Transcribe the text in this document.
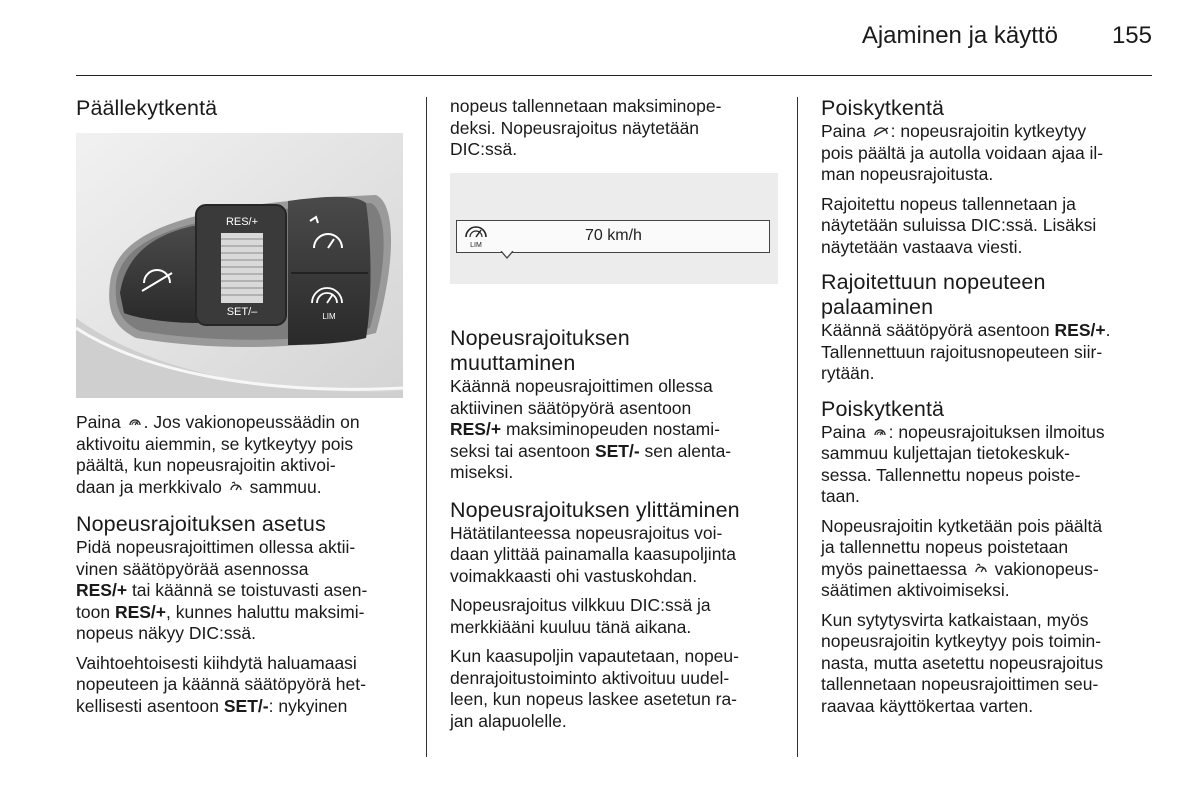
Ajaminen ja käyttö 155
Päällekytkentä
RES/+
SET/–	LIM

Paina . Jos vakionopeussäädin on
aktivoitu aiemmin, se kytkeytyy pois
päältä, kun nopeusrajoitin aktivoi-
daan ja merkkivalo  sammuu.

Nopeusrajoituksen asetus

Pidä nopeusrajoittimen ollessa aktii-
vinen säätöpyörää asennossa
RES/+ tai käännä se toistuvasti asen-
toon RES/+, kunnes haluttu maksimi-
nopeus näkyy DIC:ssä.

Vaihtoehtoisesti kiihdytä haluamaasi
nopeuteen ja käännä säätöpyörä het-
kellisesti asentoon SET/-: nykyinen

nopeus tallennetaan maksiminope-
deksi. Nopeusrajoitus näytetään
DIC:ssä.

LIM
70 km/h
Nopeusrajoituksen
muuttaminen

Käännä nopeusrajoittimen ollessa
aktiivinen säätöpyörä asentoon
RES/+ maksiminopeuden nostami-
seksi tai asentoon SET/- sen alenta-
miseksi.

Nopeusrajoituksen ylittäminen

Hätätilanteessa nopeusrajoitus voi-
daan ylittää painamalla kaasupoljinta
voimakkaasti ohi vastuskohdan.

Nopeusrajoitus vilkkuu DIC:ssä ja
merkkiääni kuuluu tänä aikana.

Kun kaasupoljin vapautetaan, nopeu-
denrajoitustoiminto aktivoituu uudel-
leen, kun nopeus laskee asetetun ra-
jan alapuolelle.

Poiskytkentä

Paina : nopeusrajoitin kytkeytyy
pois päältä ja autolla voidaan ajaa il-
man nopeusrajoitusta.

Rajoitettu nopeus tallennetaan ja
näytetään suluissa DIC:ssä. Lisäksi
näytetään vastaava viesti.

Rajoitettuun nopeuteen
palaaminen

Käännä säätöpyörä asentoon RES/+.
Tallennettuun rajoitusnopeuteen siir-
rytään.

Poiskytkentä

Paina : nopeusrajoituksen ilmoitus
sammuu kuljettajan tietokeskuk-
sessa. Tallennettu nopeus poiste-
taan.

Nopeusrajoitin kytketään pois päältä
ja tallennettu nopeus poistetaan
myös painettaessa  vakionopeus-
säätimen aktivoimiseksi.

Kun sytytysvirta katkaistaan, myös
nopeusrajoitin kytkeytyy pois toimin-
nasta, mutta asetettu nopeusrajoitus
tallennetaan nopeusrajoittimen seu-
raavaa käyttökertaa varten.
